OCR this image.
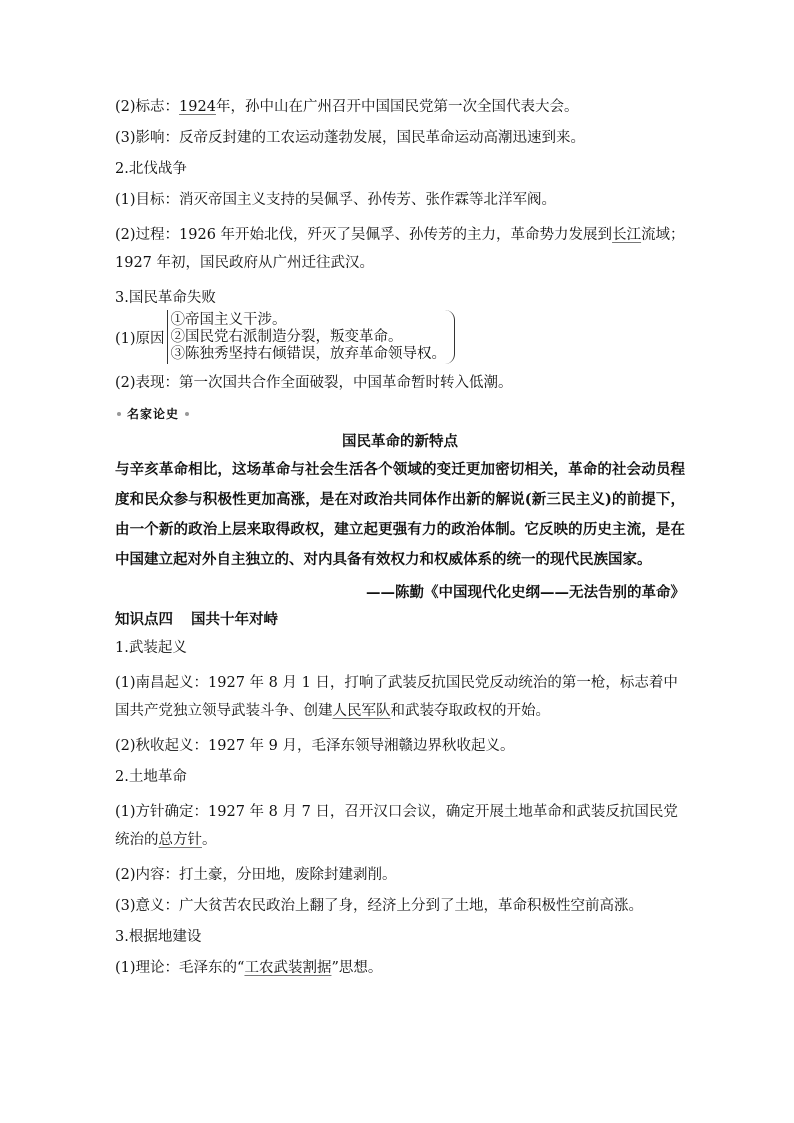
(2)标志：1924年，孙中山在广州召开中国国民党第一次全国代表大会。

(3)影响：反帝反封建的工农运动蓬勃发展，国民革命运动高潮迅速到来。

2.北伐战争

(1)目标：消灭帝国主义支持的吴佩孚、孙传芳、张作霖等北洋军阀。

(2)过程：1926 年开始北伐，歼灭了吴佩孚、孙传芳的主力，革命势力发展到长江流域；1927 年初，国民政府从广州迁往武汉。

3.国民革命失败

(1)原因
①帝国主义干涉。
②国民党右派制造分裂，叛变革命。
③陈独秀坚持右倾错误，放弃革命领导权。

(2)表现：第一次国共合作全面破裂，中国革命暂时转入低潮。

名家论史
国民革命的新特点

与辛亥革命相比，这场革命与社会生活各个领域的变迁更加密切相关，革命的社会动员程度和民众参与积极性更加高涨，是在对政治共同体作出新的解说(新三民主义)的前提下，由一个新的政治上层来取得政权，建立起更强有力的政治体制。它反映的历史主流，是在中国建立起对外自主独立的、对内具备有效权力和权威体系的统一的现代民族国家。

——陈勤《中国现代化史纲——无法告别的革命》
知识点四 国共十年对峙

1.武装起义

(1)南昌起义：1927 年 8 月 1 日，打响了武装反抗国民党反动统治的第一枪，标志着中国共产党独立领导武装斗争、创建人民军队和武装夺取政权的开始。

(2)秋收起义：1927 年 9 月，毛泽东领导湘赣边界秋收起义。

2.土地革命

(1)方针确定：1927 年 8 月 7 日，召开汉口会议，确定开展土地革命和武装反抗国民党统治的总方针。

(2)内容：打土豪，分田地，废除封建剥削。

(3)意义：广大贫苦农民政治上翻了身，经济上分到了土地，革命积极性空前高涨。

3.根据地建设

(1)理论：毛泽东的“工农武装割据”思想。
